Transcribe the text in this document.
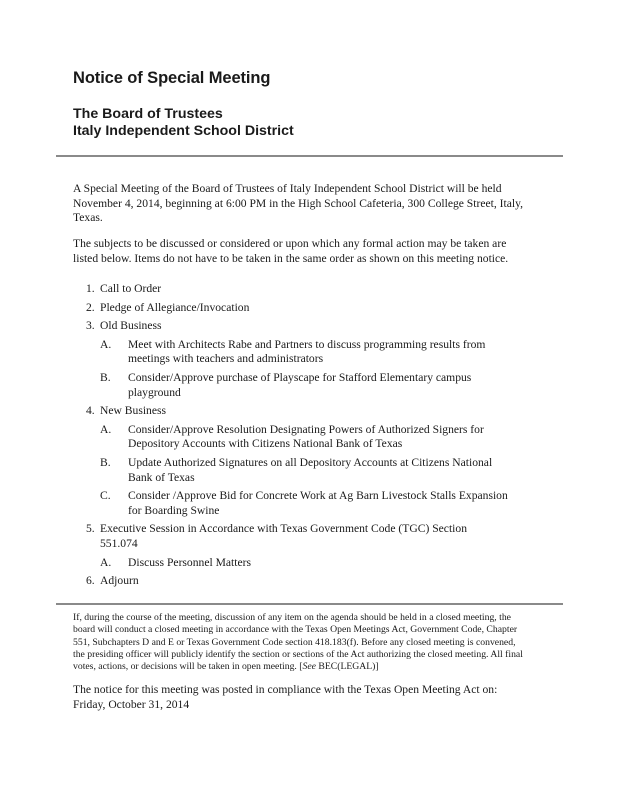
Notice of Special Meeting
The Board of Trustees
Italy Independent School District
A Special Meeting of the Board of Trustees of Italy Independent School District will be held
November 4, 2014, beginning at 6:00 PM in the High School Cafeteria, 300 College Street, Italy,
Texas.
The subjects to be discussed or considered or upon which any formal action may be taken are
listed below. Items do not have to be taken in the same order as shown on this meeting notice.
1. Call to Order
2. Pledge of Allegiance/Invocation
3. Old Business
A. Meet with Architects Rabe and Partners to discuss programming results from
meetings with teachers and administrators
B. Consider/Approve purchase of Playscape for Stafford Elementary campus
playground
4. New Business
A. Consider/Approve Resolution Designating Powers of Authorized Signers for
Depository Accounts with Citizens National Bank of Texas
B. Update Authorized Signatures on all Depository Accounts at Citizens National
Bank of Texas
C. Consider /Approve Bid for Concrete Work at Ag Barn Livestock Stalls Expansion
for Boarding Swine
5. Executive Session in Accordance with Texas Government Code (TGC) Section
551.074
A. Discuss Personnel Matters
6. Adjourn
If, during the course of the meeting, discussion of any item on the agenda should be held in a closed meeting, the
board will conduct a closed meeting in accordance with the Texas Open Meetings Act, Government Code, Chapter
551, Subchapters D and E or Texas Government Code section 418.183(f). Before any closed meeting is convened,
the presiding officer will publicly identify the section or sections of the Act authorizing the closed meeting. All final
votes, actions, or decisions will be taken in open meeting. [See BEC(LEGAL)]
The notice for this meeting was posted in compliance with the Texas Open Meeting Act on:
Friday, October 31, 2014
